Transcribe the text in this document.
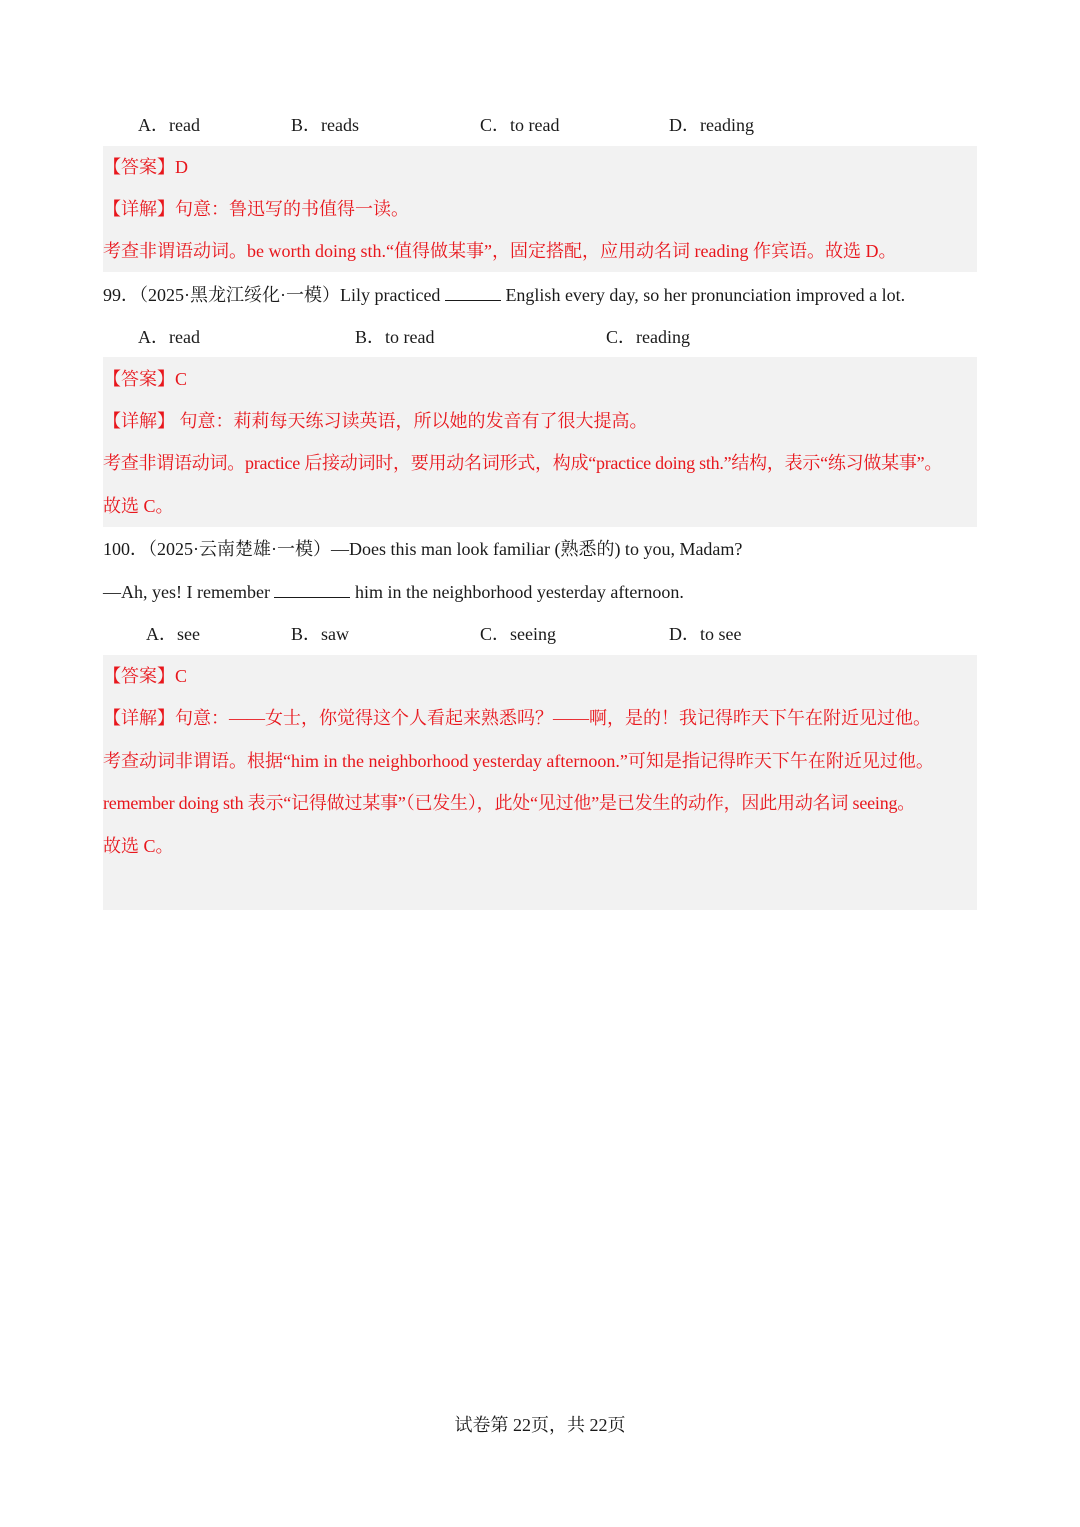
A．read	B．reads	C．to read	D．reading
【答案】D
【详解】句意：鲁迅写的书值得一读。
考查非谓语动词。be worth doing sth.“值得做某事”，固定搭配，应用动名词 reading 作宾语。故选 D。
99．（2025·黑龙江绥化·一模）Lily practiced	English every day, so her pronunciation improved a lot.
A．read	B．to read	C．reading
【答案】C
【详解】 句意：莉莉每天练习读英语，所以她的发音有了很大提高。
考查非谓语动词。practice 后接动词时，要用动名词形式，构成“practice doing sth.”结构，表示“练习做某事”。
故选 C。
100．（2025·云南楚雄·一模）—Does this man look familiar (熟悉的) to you, Madam?
—Ah, yes! I remember	him in the neighborhood yesterday afternoon.
A．see	B．saw	C．seeing	D．to see
【答案】C
【详解】句意：——女士，你觉得这个人看起来熟悉吗？——啊，是的！我记得昨天下午在附近见过他。
考查动词非谓语。根据“him in the neighborhood yesterday afternoon.”可知是指记得昨天下午在附近见过他。
remember doing sth 表示“记得做过某事”（已发生），此处“见过他”是已发生的动作，因此用动名词 seeing。
故选 C。
试卷第 22页，共 22页
